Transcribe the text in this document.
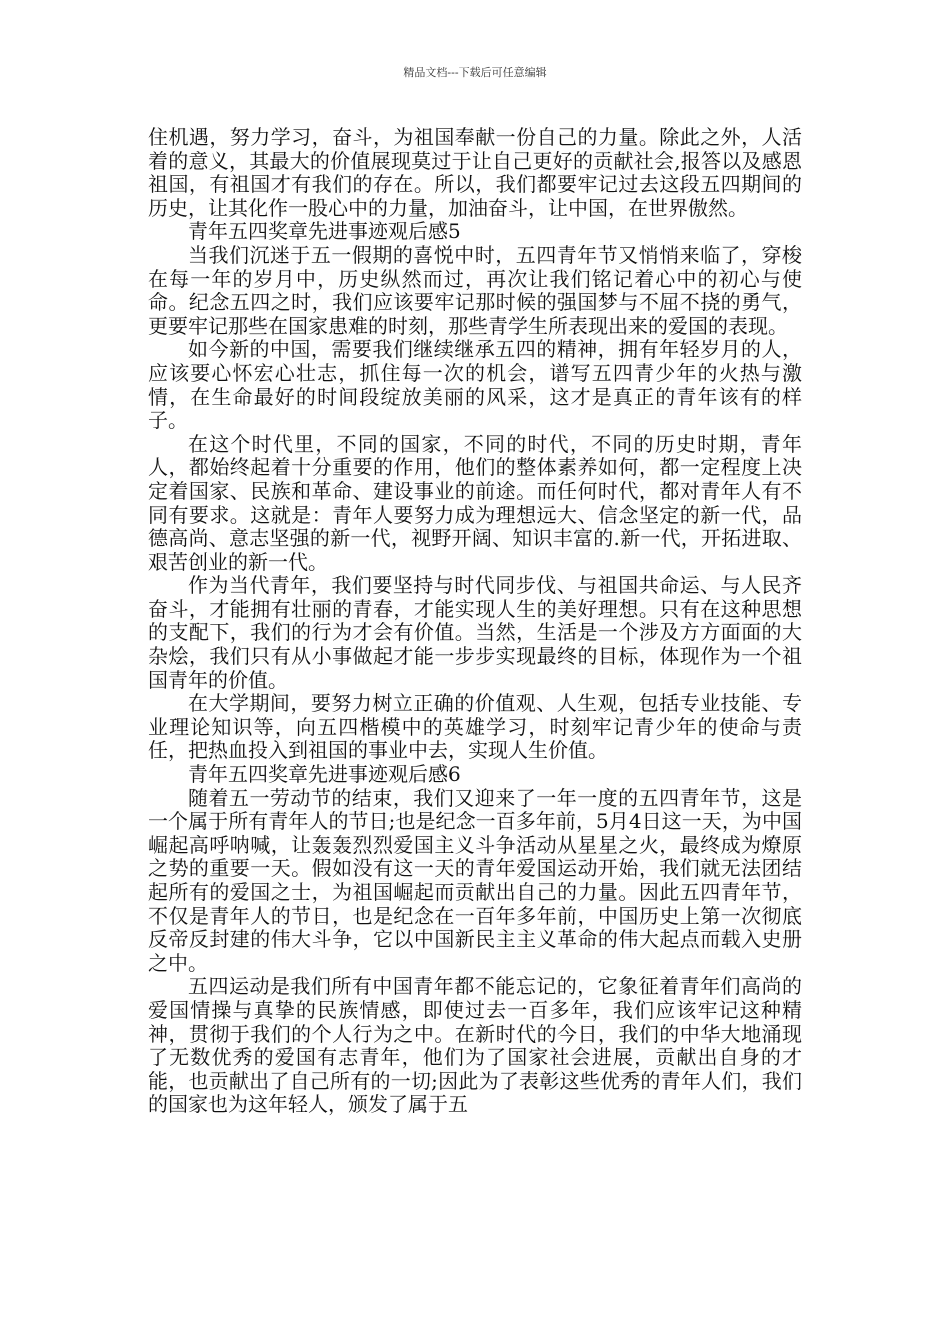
精品文档---下载后可任意编辑

住机遇，努力学习，奋斗，为祖国奉献一份自己的力量。除此之外，人活着的意义，其最大的价值展现莫过于让自己更好的贡献社会,报答以及感恩祖国，有祖国才有我们的存在。所以，我们都要牢记过去这段五四期间的历史，让其化作一股心中的力量，加油奋斗，让中国，在世界傲然。

青年五四奖章先进事迹观后感5

当我们沉迷于五一假期的喜悦中时，五四青年节又悄悄来临了，穿梭在每一年的岁月中，历史纵然而过，再次让我们铭记着心中的初心与使命。纪念五四之时，我们应该要牢记那时候的强国梦与不屈不挠的勇气，更要牢记那些在国家患难的时刻，那些青学生所表现出来的爱国的表现。

如今新的中国，需要我们继续继承五四的精神，拥有年轻岁月的人，应该要心怀宏心壮志，抓住每一次的机会，谱写五四青少年的火热与激情，在生命最好的时间段绽放美丽的风采，这才是真正的青年该有的样子。

在这个时代里，不同的国家，不同的时代，不同的历史时期，青年人，都始终起着十分重要的作用，他们的整体素养如何，都一定程度上决定着国家、民族和革命、建设事业的前途。而任何时代，都对青年人有不同有要求。这就是：青年人要努力成为理想远大、信念坚定的新一代，品德高尚、意志坚强的新一代，视野开阔、知识丰富的.新一代，开拓进取、艰苦创业的新一代。

作为当代青年，我们要坚持与时代同步伐、与祖国共命运、与人民齐奋斗，才能拥有壮丽的青春，才能实现人生的美好理想。只有在这种思想的支配下，我们的行为才会有价值。当然，生活是一个涉及方方面面的大杂烩，我们只有从小事做起才能一步步实现最终的目标，体现作为一个祖国青年的价值。

在大学期间，要努力树立正确的价值观、人生观，包括专业技能、专业理论知识等，向五四楷模中的英雄学习，时刻牢记青少年的使命与责任，把热血投入到祖国的事业中去，实现人生价值。

青年五四奖章先进事迹观后感6

随着五一劳动节的结束，我们又迎来了一年一度的五四青年节，这是一个属于所有青年人的节日;也是纪念一百多年前，5月4日这一天，为中国崛起高呼呐喊，让轰轰烈烈爱国主义斗争活动从星星之火，最终成为燎原之势的重要一天。假如没有这一天的青年爱国运动开始，我们就无法团结起所有的爱国之士，为祖国崛起而贡献出自己的力量。因此五四青年节，不仅是青年人的节日，也是纪念在一百年多年前，中国历史上第一次彻底反帝反封建的伟大斗争，它以中国新民主主义革命的伟大起点而载入史册之中。

五四运动是我们所有中国青年都不能忘记的，它象征着青年们高尚的爱国情操与真挚的民族情感，即使过去一百多年，我们应该牢记这种精神，贯彻于我们的个人行为之中。在新时代的今日，我们的中华大地涌现了无数优秀的爱国有志青年，他们为了国家社会进展，贡献出自身的才能，也贡献出了自己所有的一切;因此为了表彰这些优秀的青年人们，我们的国家也为这年轻人，颁发了属于五
